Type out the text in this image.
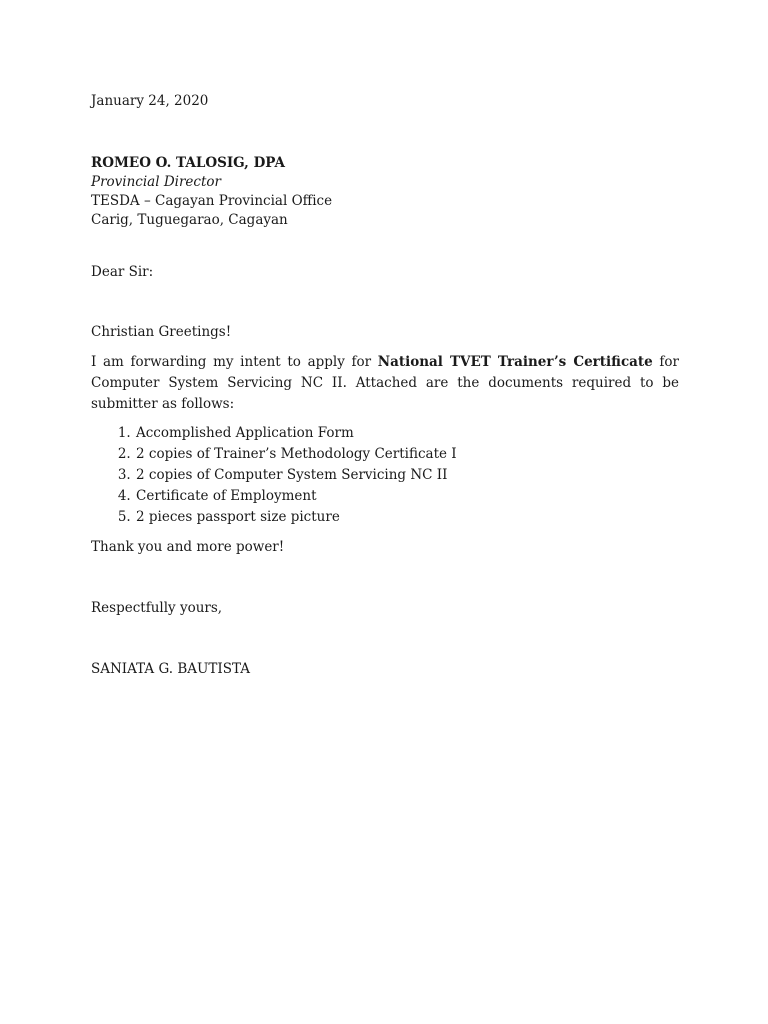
January 24, 2020

ROMEO O. TALOSIG, DPA
Provincial Director
TESDA – Cagayan Provincial Office
Carig, Tuguegarao, Cagayan

Dear Sir:

Christian Greetings!

I am forwarding my intent to apply for National TVET Trainer’s Certificate for Computer System Servicing NC II. Attached are the documents required to be submitter as follows:

1. Accomplished Application Form
2. 2 copies of Trainer’s Methodology Certificate I
3. 2 copies of Computer System Servicing NC II
4. Certificate of Employment
5. 2 pieces passport size picture

Thank you and more power!

Respectfully yours,

SANIATA G. BAUTISTA
